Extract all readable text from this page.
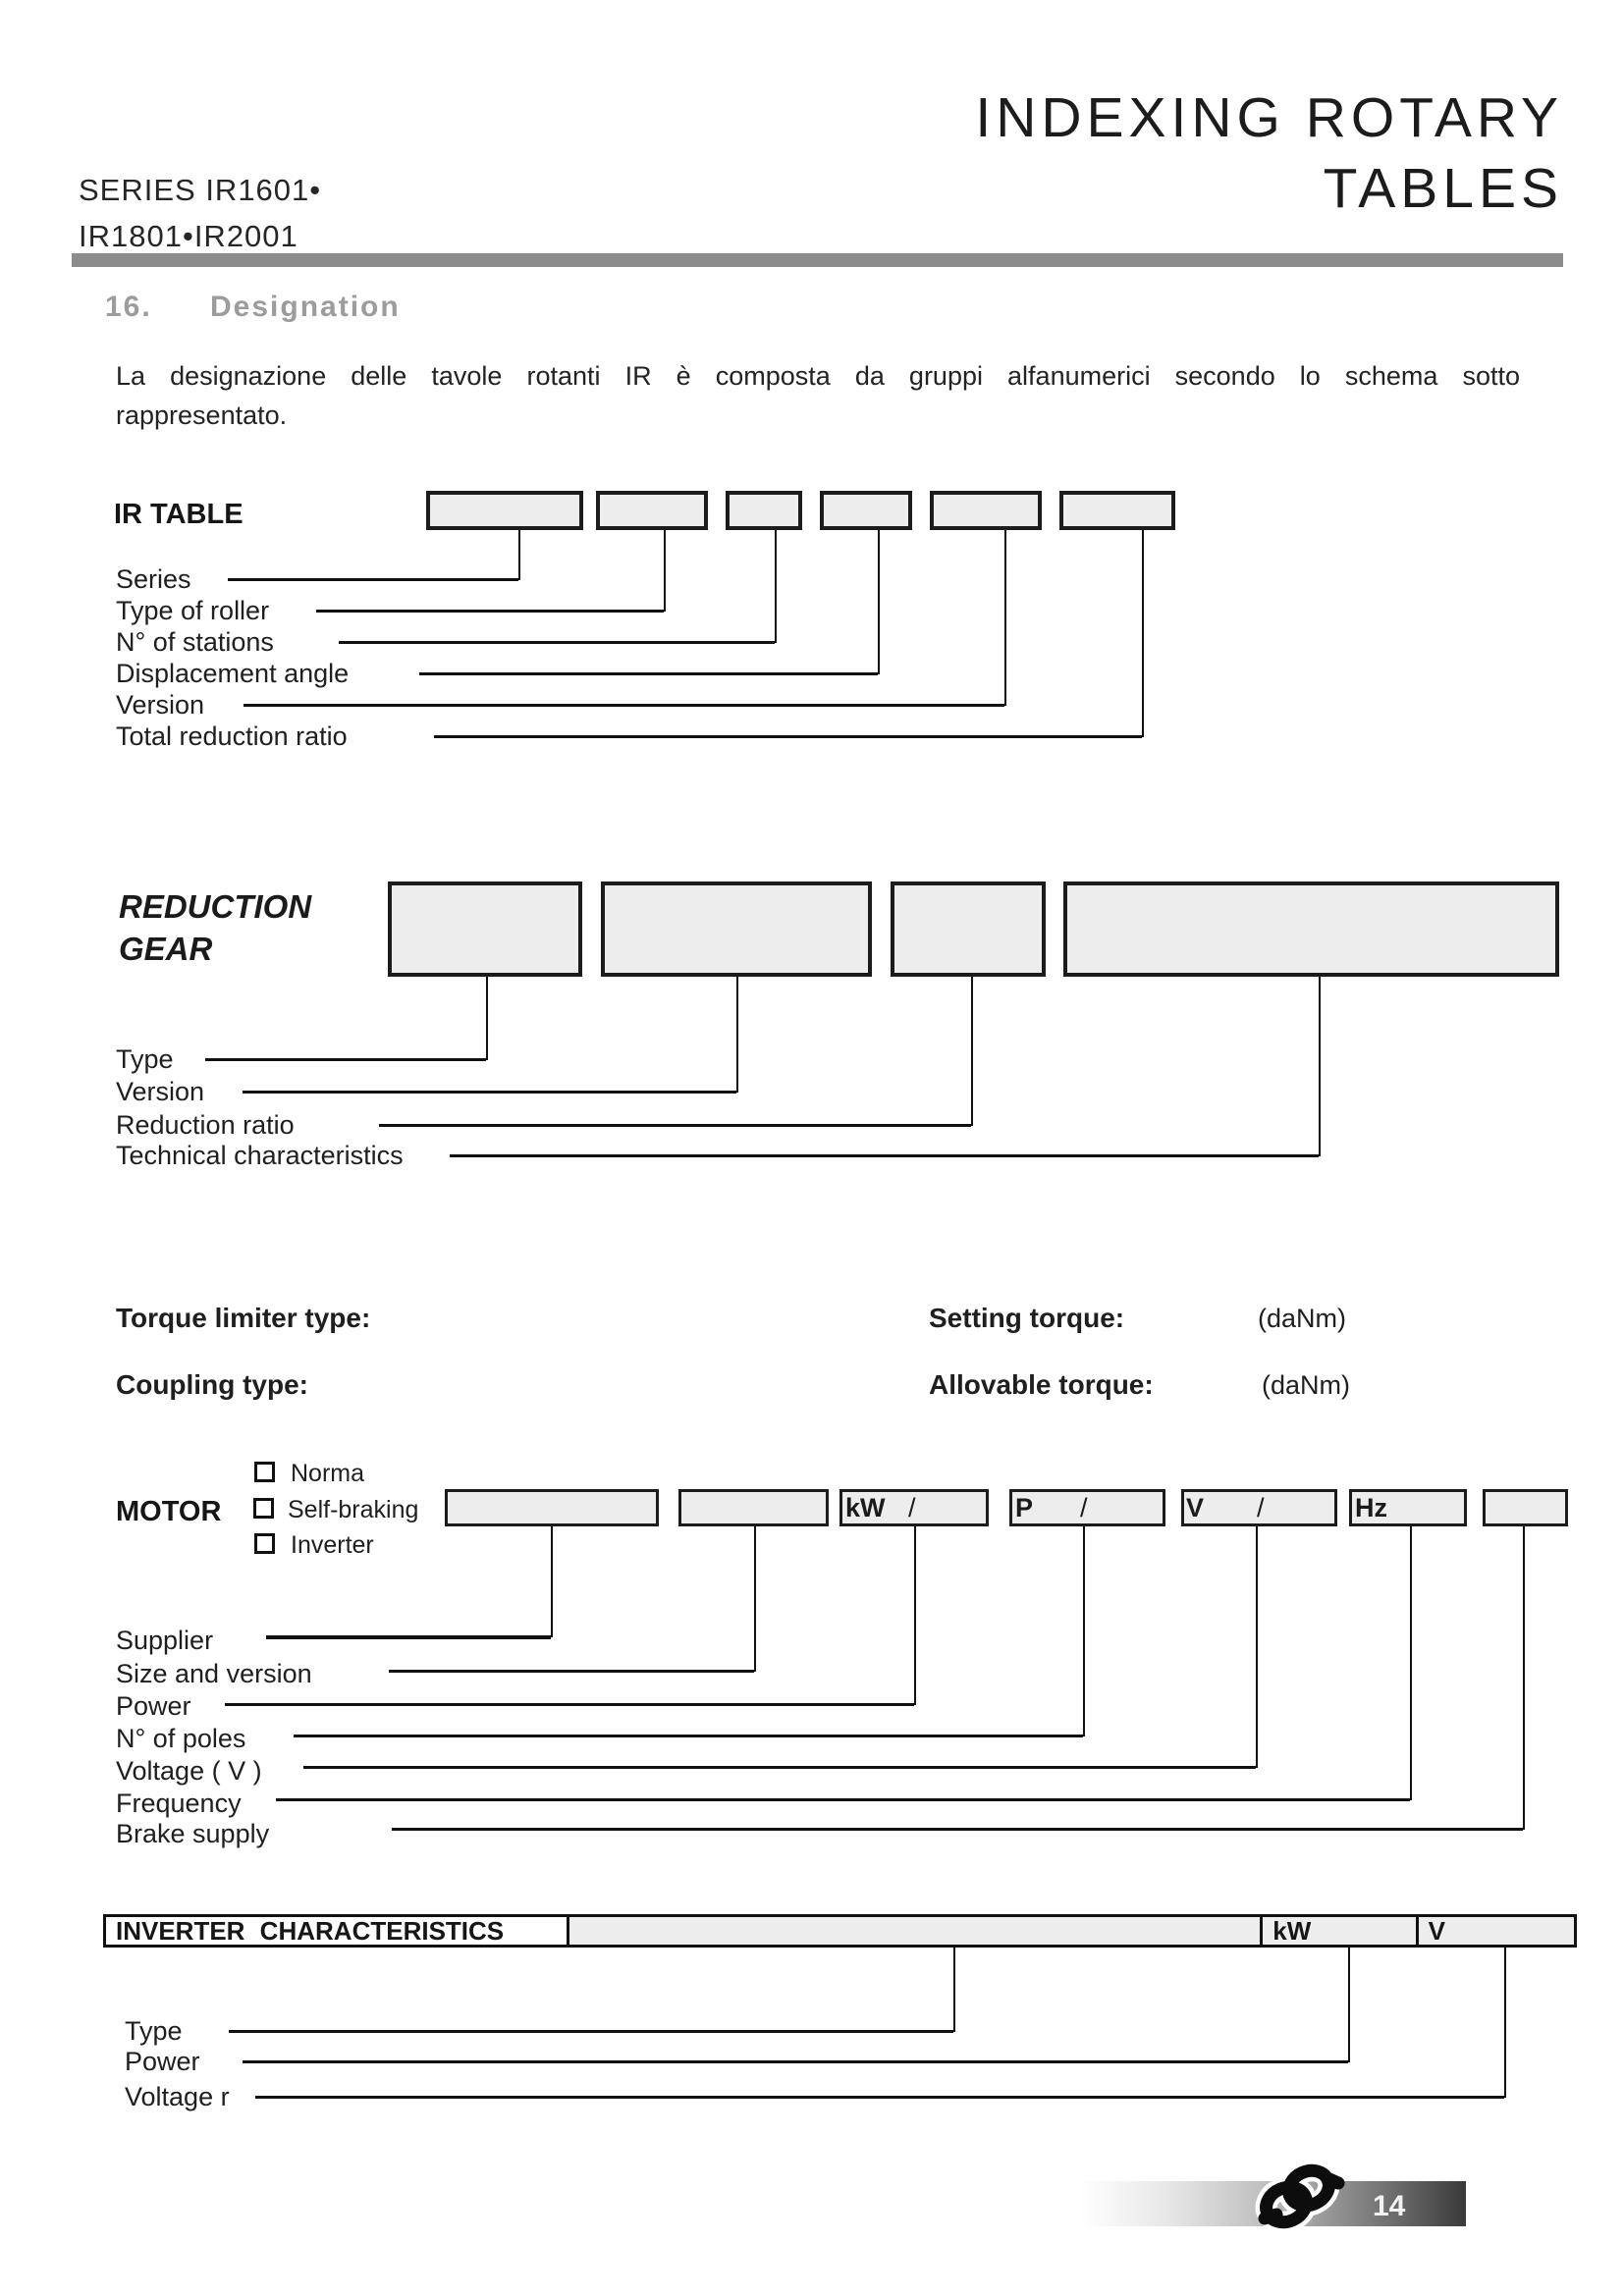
INDEXING ROTARY
TABLES
SERIES IR1601•
IR1801•IR2001
16. Designation

La designazione delle tavole rotanti IR è composta da gruppi alfanumerici secondo lo schema sotto rappresentato.

IR TABLE
Series
Type of roller
N° of stations
Displacement angle
Version
Total reduction ratio
REDUCTION
GEAR
Type
Version
Reduction ratio
Technical characteristics
Torque limiter type:	Setting torque:	(daNm)
Coupling type:	Allovable torque:	(daNm)
MOTOR
Norma
Self-braking
Inverter
kW /	P /	V /	Hz
Supplier
Size and version
Power
N° of poles
Voltage ( V )
Frequency
Brake supply
INVERTER CHARACTERISTICS	kW	V
Type
Power
Voltage r
14
